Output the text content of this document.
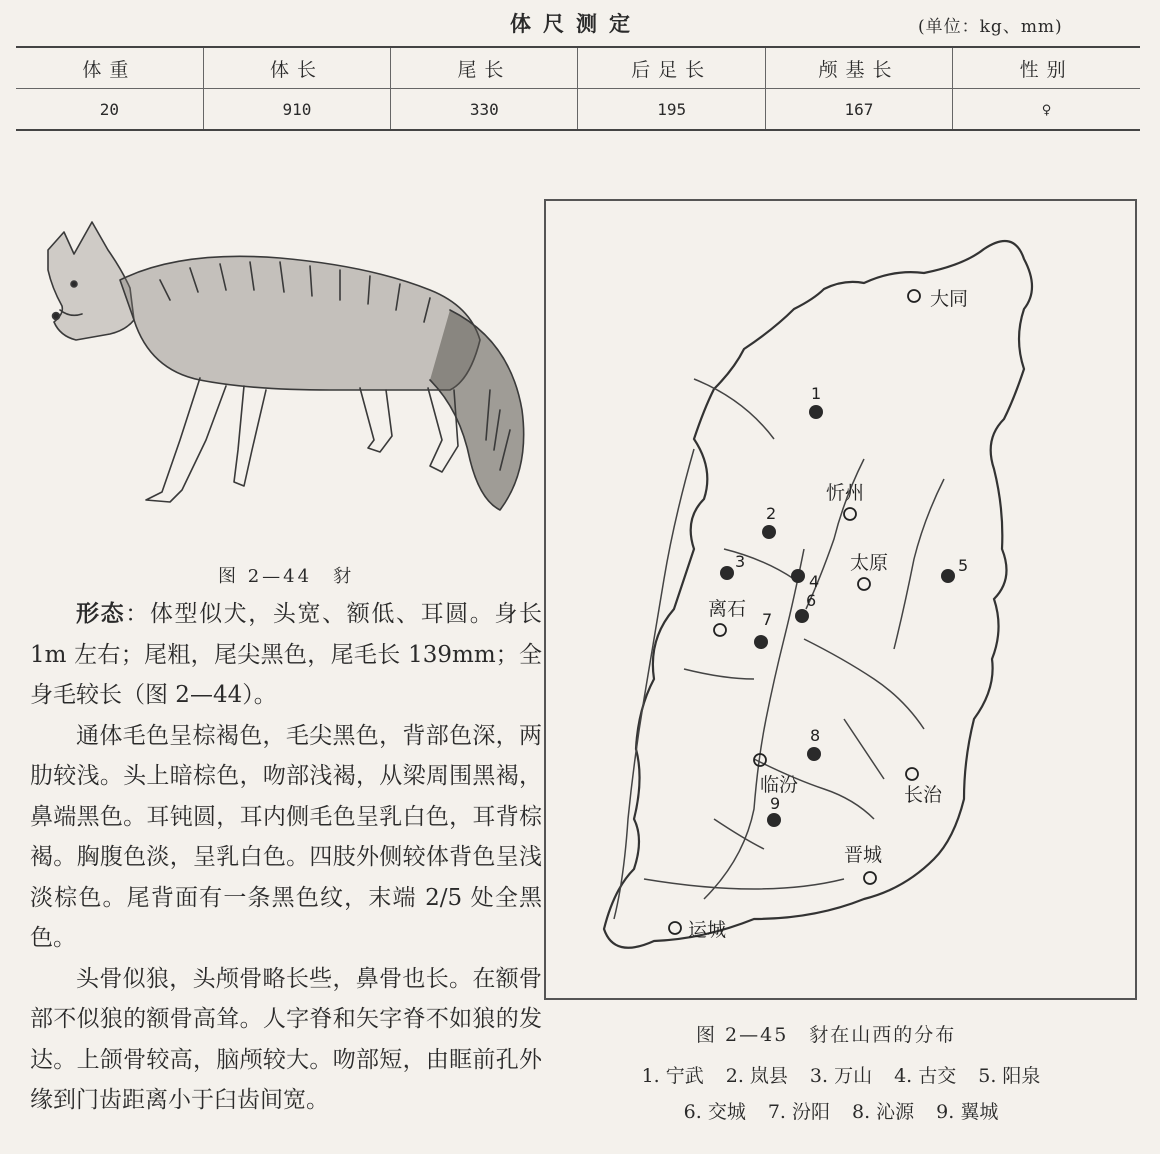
体尺测定	(单位：kg、mm)
体重	体长	尾长	后足长	颅基长	性别
20	910	330	195	167	♀
图 2—44　豺

形态：体型似犬，头宽、额低、耳圆。身长 1m 左右；尾粗，尾尖黑色，尾毛长 139mm；全身毛较长（图 2—44）。

通体毛色呈棕褐色，毛尖黑色，背部色深，两肋较浅。头上暗棕色，吻部浅褐，从梁周围黑褐，鼻端黑色。耳钝圆，耳内侧毛色呈乳白色，耳背棕褐。胸腹色淡，呈乳白色。四肢外侧较体背色呈浅淡棕色。尾背面有一条黑色纹，末端 2/5 处全黑色。

头骨似狼，头颅骨略长些，鼻骨也长。在额骨部不似狼的额骨高耸。人字脊和矢字脊不如狼的发达。上颌骨较高，脑颅较大。吻部短，由眶前孔外缘到门齿距离小于臼齿间宽。

大同
忻州
太原
离石
临汾	长治
晋城
运城
1
2
3
4
5
6
7
8
9
图 2—45　豺在山西的分布
1. 宁武 2. 岚县 3. 万山 4. 古交 5. 阳泉
6. 交城 7. 汾阳 8. 沁源 9. 翼城
